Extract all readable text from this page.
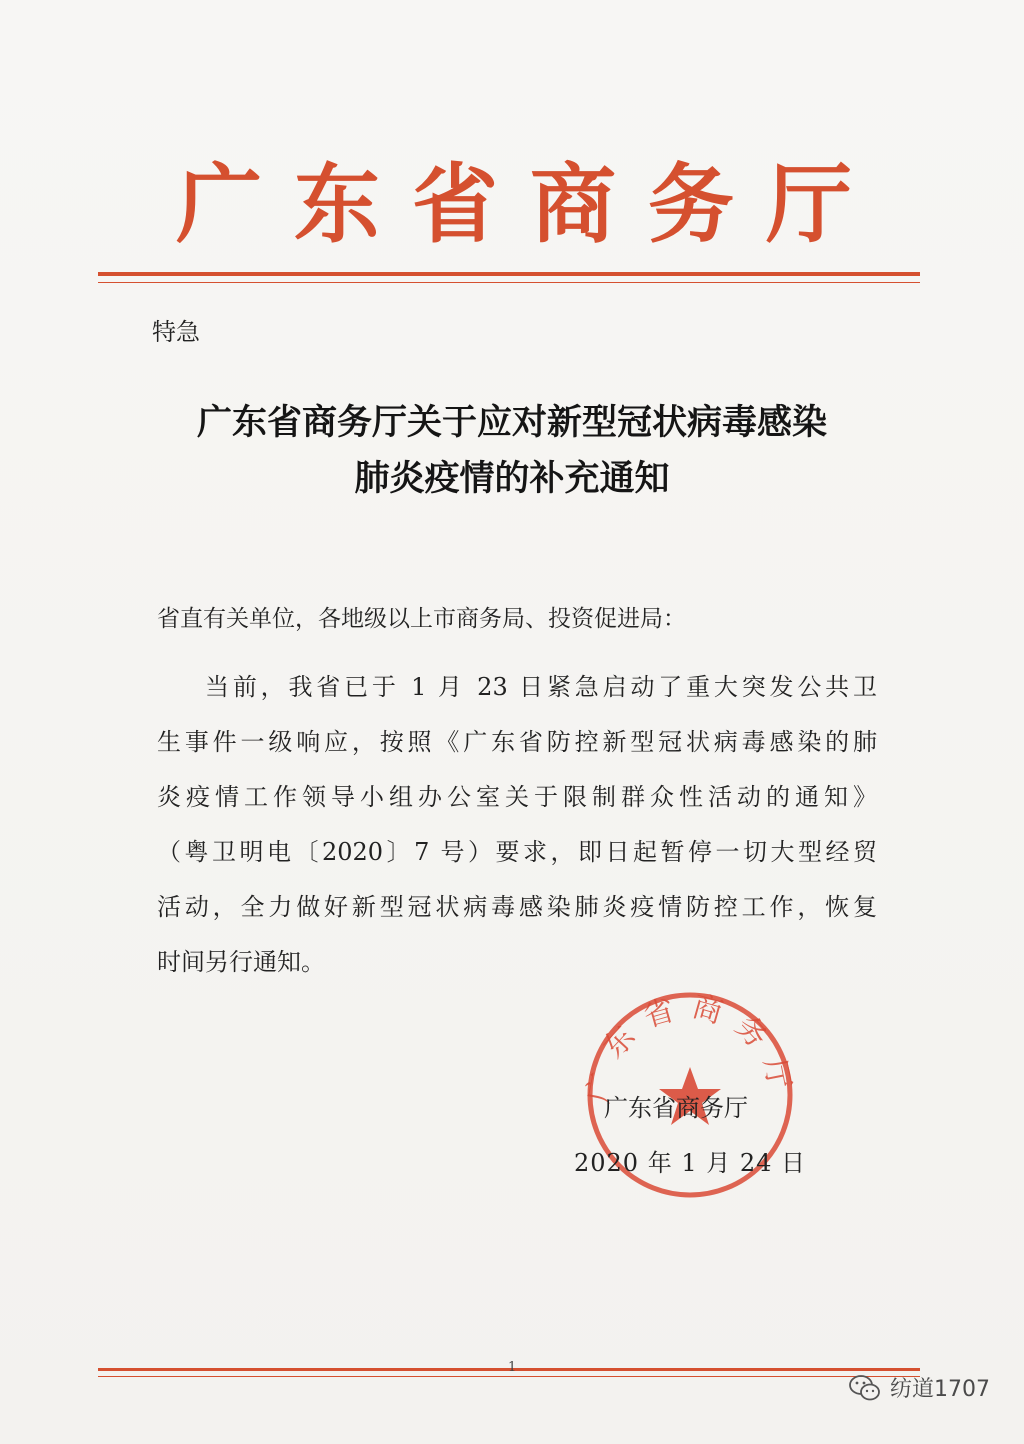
广东省商务厅
特急
广东省商务厅关于应对新型冠状病毒感染
肺炎疫情的补充通知
省直有关单位，各地级以上市商务局、投资促进局：
当前，我省已于 1 月 23 日紧急启动了重大突发公共卫
生事件一级响应，按照《广东省防控新型冠状病毒感染的肺
炎疫情工作领导小组办公室关于限制群众性活动的通知》
（粤卫明电〔2020〕7 号）要求，即日起暂停一切大型经贸
活动，全力做好新型冠状病毒感染肺炎疫情防控工作，恢复
时间另行通知。
广东省商务厅
广东省商务厅
2020 年 1 月 24 日
1
纺道1707
